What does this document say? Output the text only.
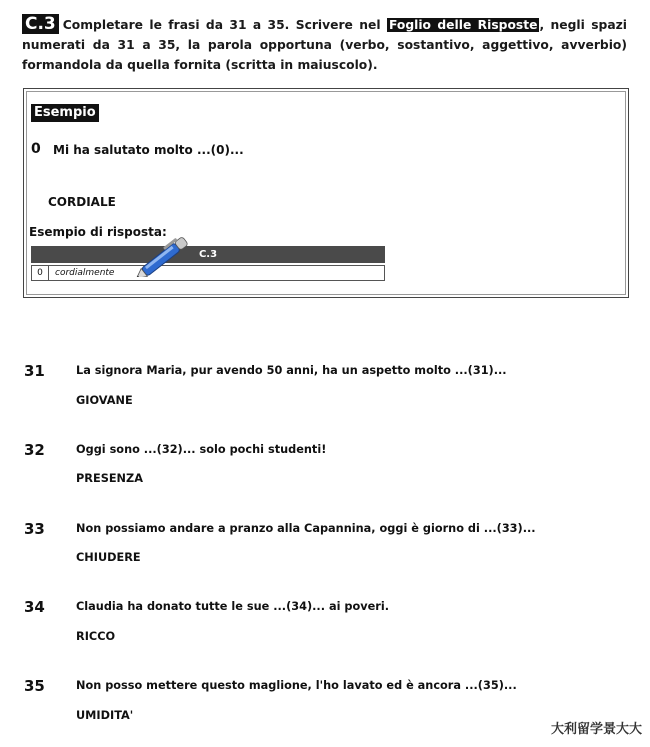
C.3 Completare le frasi da 31 a 35. Scrivere nel Foglio delle Risposte , negli spazi numerati da 31 a 35, la parola opportuna (verbo, sostantivo, aggettivo, avverbio) formandola da quella fornita (scritta in maiuscolo).
Esempio
0 Mi ha salutato molto ...(0)...
CORDIALE
Esempio di risposta:
C.3
0	cordialmente
31	La signora Maria, pur avendo 50 anni, ha un aspetto molto ...(31)...
GIOVANE
32	Oggi sono ...(32)... solo pochi studenti!
PRESENZA
33	Non possiamo andare a pranzo alla Capannina, oggi è giorno di ...(33)...
CHIUDERE
34	Claudia ha donato tutte le sue ...(34)... ai poveri.
RICCO
35	Non posso mettere questo maglione, l'ho lavato ed è ancora ...(35)...
UMIDITA'
大利留学景大大
